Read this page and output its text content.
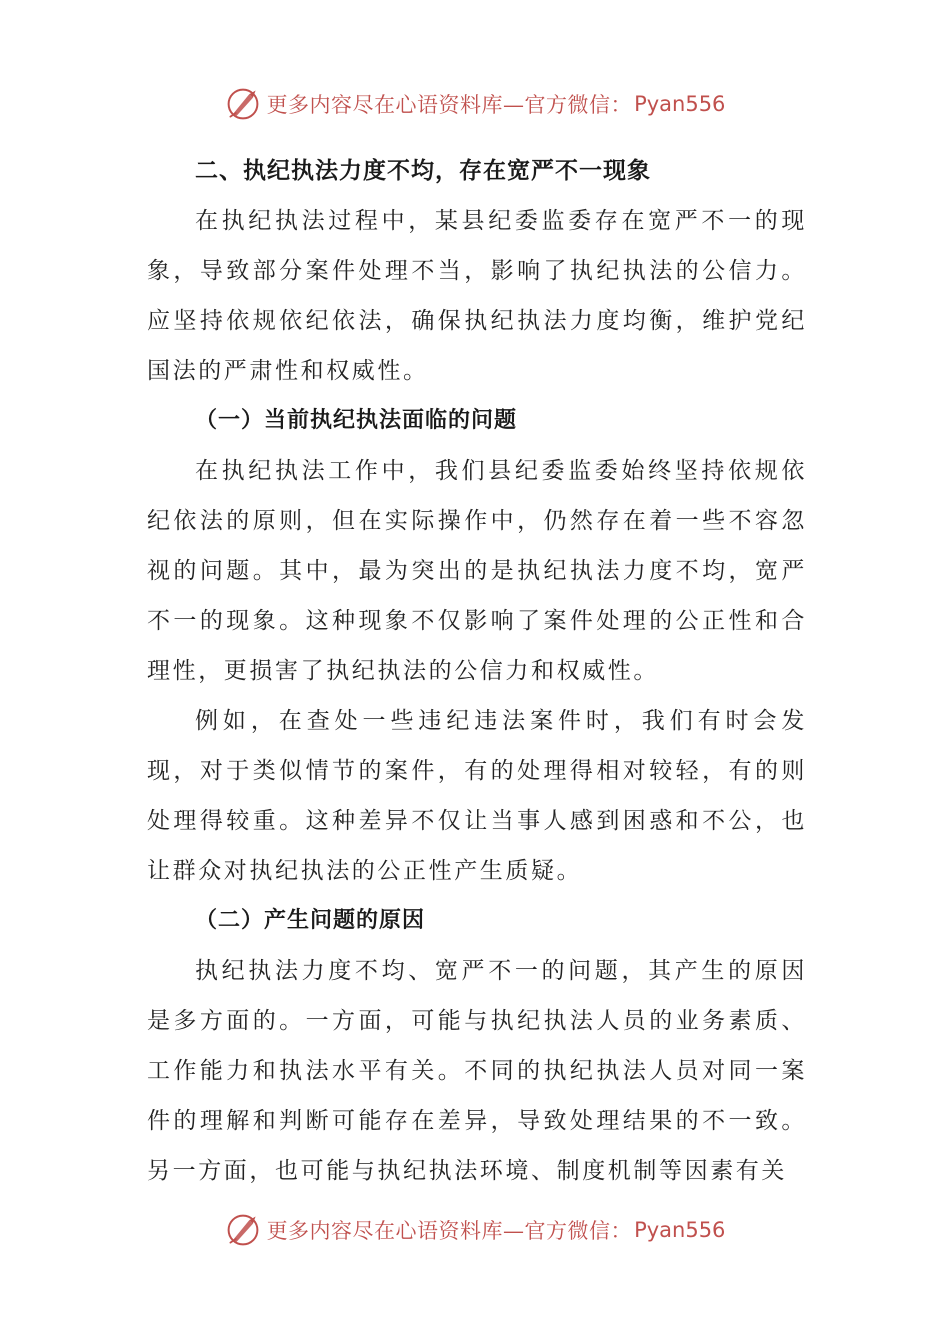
更多内容尽在心语资料库—官方微信： Pyan556
二、执纪执法力度不均，存在宽严不一现象

在执纪执法过程中，某县纪委监委存在宽严不一的现象，导致部分案件处理不当，影响了执纪执法的公信力。应坚持依规依纪依法，确保执纪执法力度均衡，维护党纪国法的严肃性和权威性。

（一）当前执纪执法面临的问题

在执纪执法工作中，我们县纪委监委始终坚持依规依纪依法的原则，但在实际操作中，仍然存在着一些不容忽视的问题。其中，最为突出的是执纪执法力度不均，宽严不一的现象。这种现象不仅影响了案件处理的公正性和合理性，更损害了执纪执法的公信力和权威性。

例如，在查处一些违纪违法案件时，我们有时会发现，对于类似情节的案件，有的处理得相对较轻，有的则处理得较重。这种差异不仅让当事人感到困惑和不公，也让群众对执纪执法的公正性产生质疑。

（二）产生问题的原因

执纪执法力度不均、宽严不一的问题，其产生的原因是多方面的。一方面，可能与执纪执法人员的业务素质、工作能力和执法水平有关。不同的执纪执法人员对同一案件的理解和判断可能存在差异，导致处理结果的不一致。另一方面，也可能与执纪执法环境、制度机制等因素有关

更多内容尽在心语资料库—官方微信： Pyan556
